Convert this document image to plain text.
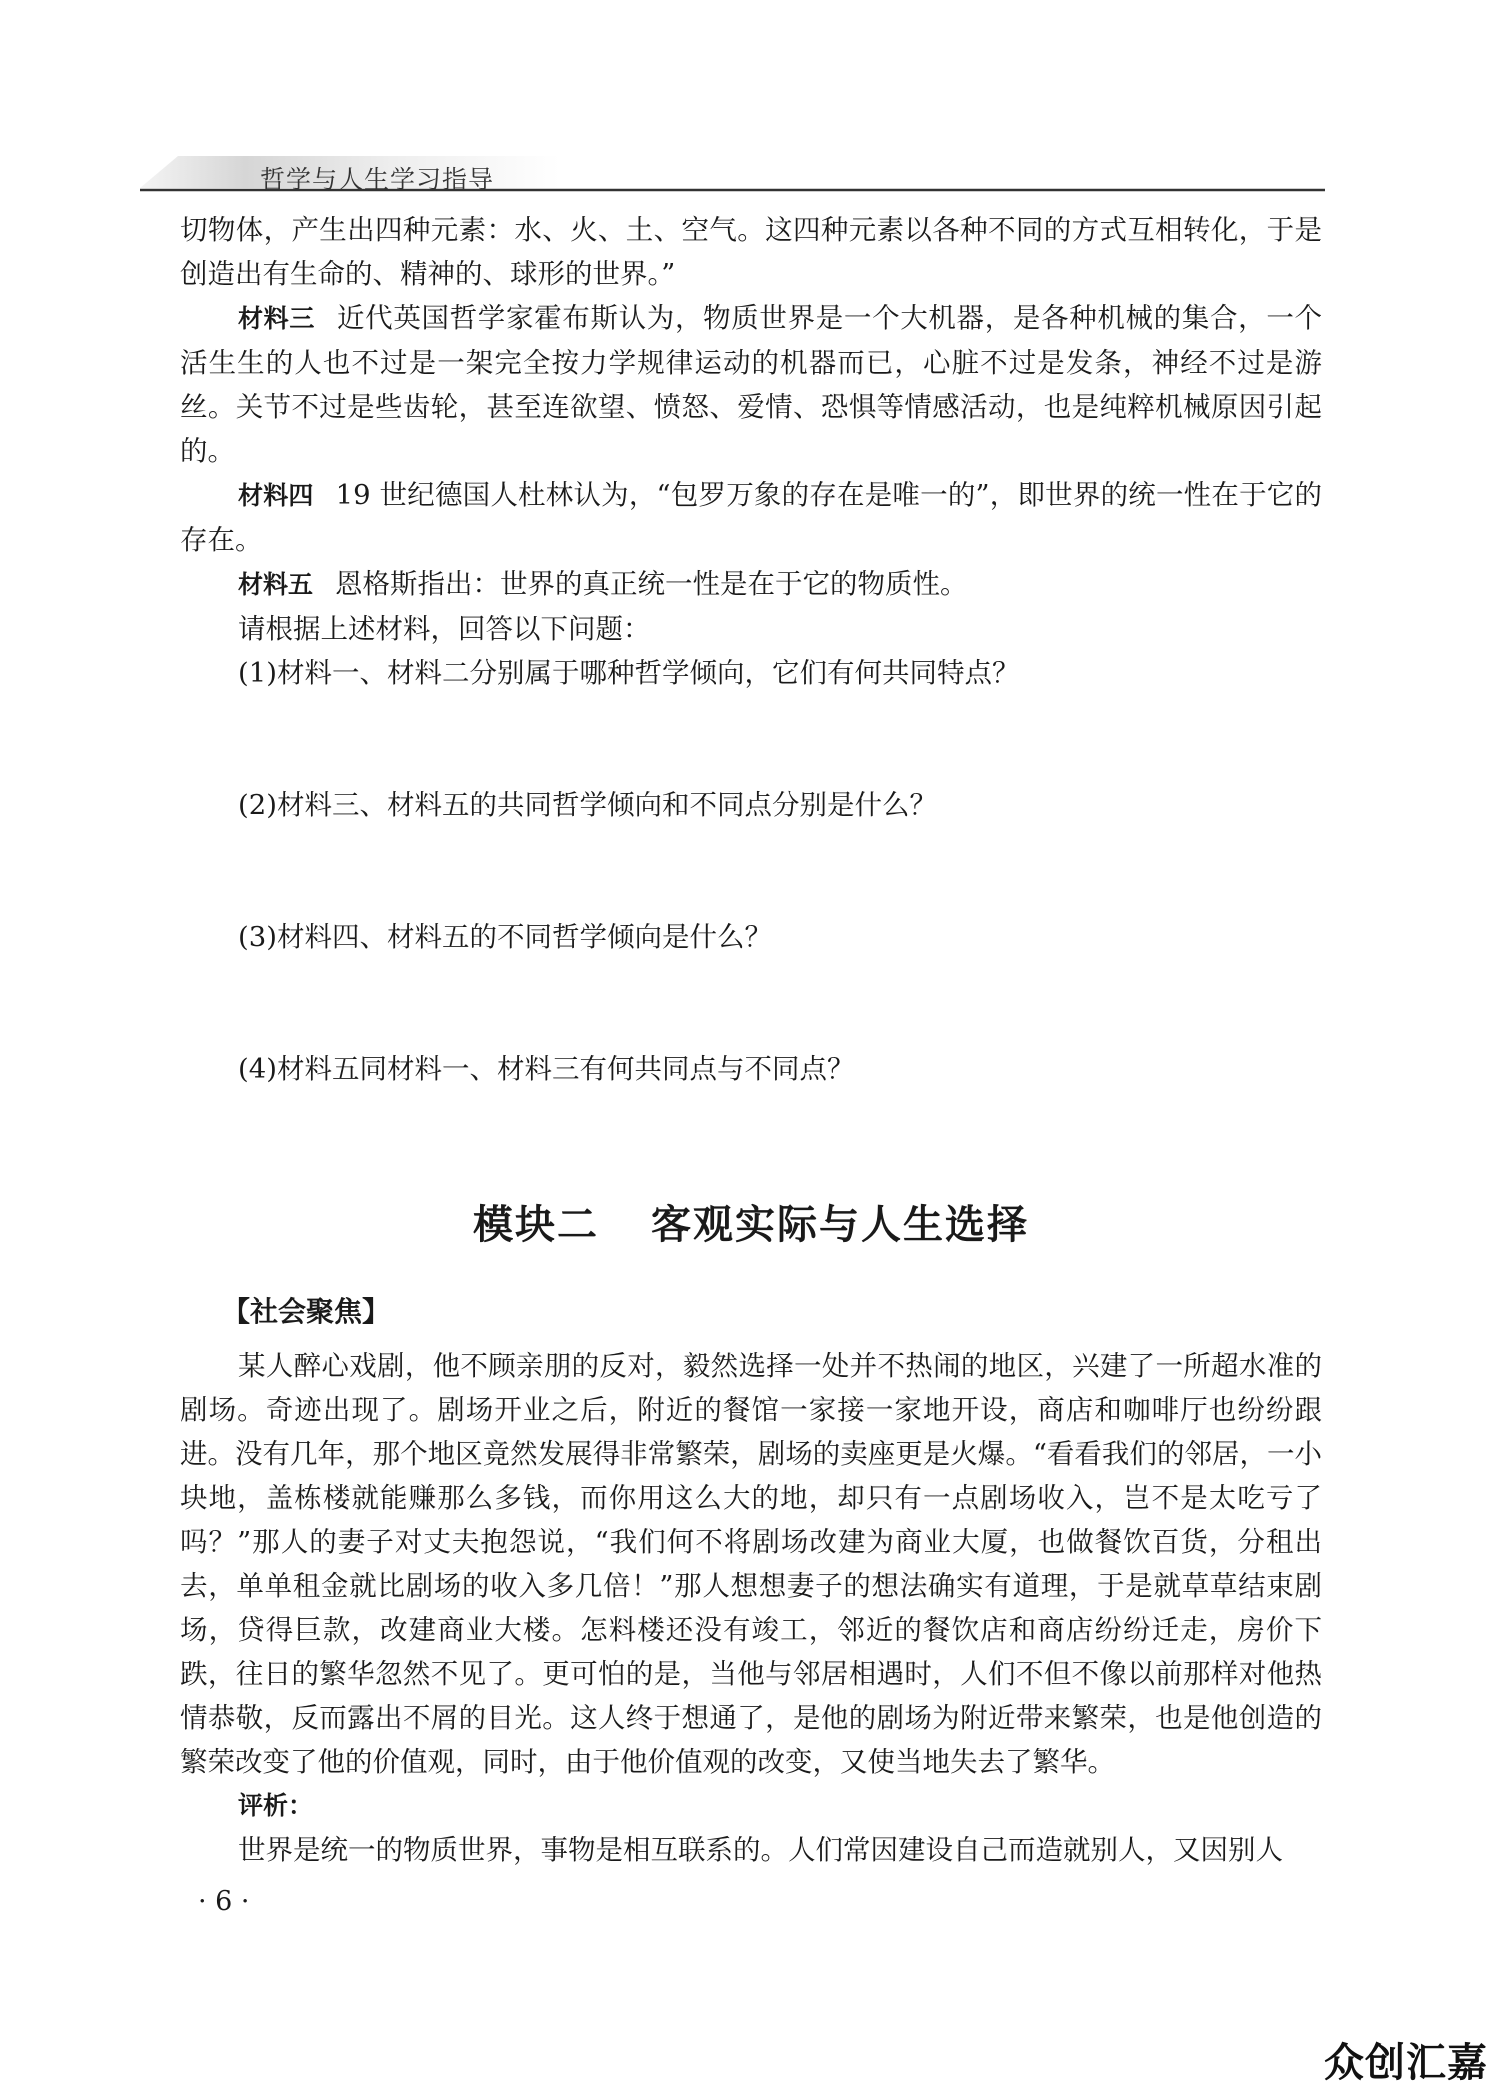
哲学与人生学习指导

切物体，产生出四种元素：水、火、土、空气。这四种元素以各种不同的方式互相转化，于是创造出有生命的、精神的、球形的世界。”

材料三 近代英国哲学家霍布斯认为，物质世界是一个大机器，是各种机械的集合，一个活生生的人也不过是一架完全按力学规律运动的机器而已，心脏不过是发条，神经不过是游丝。关节不过是些齿轮，甚至连欲望、愤怒、爱情、恐惧等情感活动，也是纯粹机械原因引起的。

材料四 19 世纪德国人杜林认为，“包罗万象的存在是唯一的”，即世界的统一性在于它的存在。

材料五 恩格斯指出：世界的真正统一性是在于它的物质性。

请根据上述材料，回答以下问题：

(1)材料一、材料二分别属于哪种哲学倾向，它们有何共同特点？

(2)材料三、材料五的共同哲学倾向和不同点分别是什么？

(3)材料四、材料五的不同哲学倾向是什么？

(4)材料五同材料一、材料三有何共同点与不同点？

模块二 客观实际与人生选择
【社会聚焦】

某人醉心戏剧，他不顾亲朋的反对，毅然选择一处并不热闹的地区，兴建了一所超水准的剧场。奇迹出现了。剧场开业之后，附近的餐馆一家接一家地开设，商店和咖啡厅也纷纷跟进。没有几年，那个地区竟然发展得非常繁荣，剧场的卖座更是火爆。“看看我们的邻居，一小块地，盖栋楼就能赚那么多钱，而你用这么大的地，却只有一点剧场收入，岂不是太吃亏了吗？”那人的妻子对丈夫抱怨说，“我们何不将剧场改建为商业大厦，也做餐饮百货，分租出去，单单租金就比剧场的收入多几倍！”那人想想妻子的想法确实有道理，于是就草草结束剧场，贷得巨款，改建商业大楼。怎料楼还没有竣工，邻近的餐饮店和商店纷纷迁走，房价下跌，往日的繁华忽然不见了。更可怕的是，当他与邻居相遇时，人们不但不像以前那样对他热情恭敬，反而露出不屑的目光。这人终于想通了，是他的剧场为附近带来繁荣，也是他创造的繁荣改变了他的价值观，同时，由于他价值观的改变，又使当地失去了繁华。

评析：

世界是统一的物质世界，事物是相互联系的。人们常因建设自己而造就别人，又因别人

· 6 ·
众创汇嘉
